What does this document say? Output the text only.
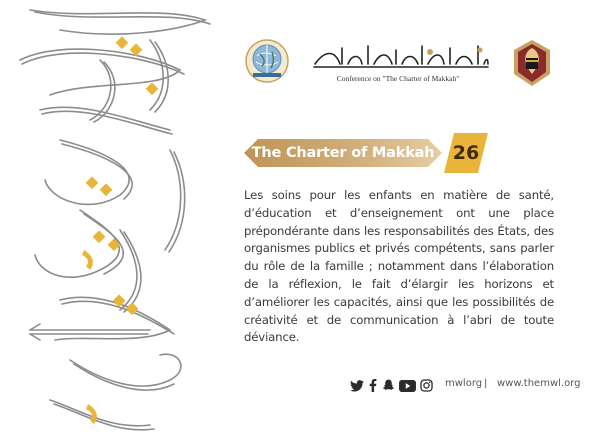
Conference on "The Charter of Makkah"
The Charter of Makkah 26
Les soins pour les enfants en matière de santé, d’éducation et d’enseignement ont une place prépondérante dans les responsabilités des États, des organismes publics et privés compétents, sans parler du rôle de la famille ; notamment dans l’élaboration de la réflexion, le fait d’élargir les horizons et d’améliorer les capacités, ainsi que les possibilités de créativité et de communication à l’abri de toute déviance.
mwlorg | www.themwl.org
